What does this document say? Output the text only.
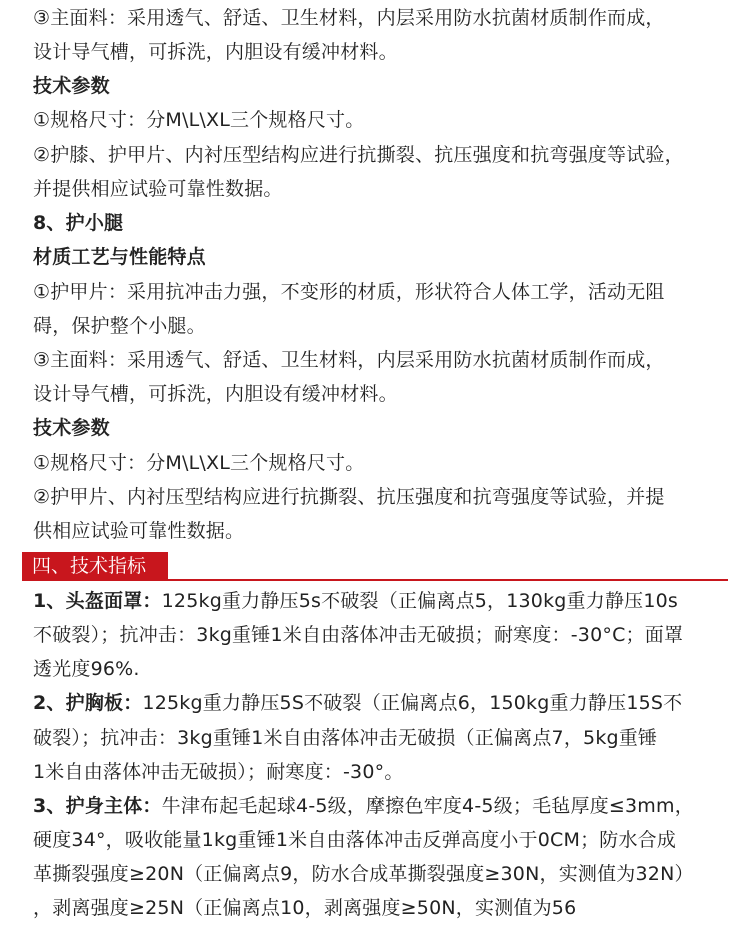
③主面料：采用透气、舒适、卫生材料，内层采用防水抗菌材质制作而成，
设计导气槽，可拆洗，内胆设有缓冲材料。
技术参数
①规格尺寸：分M\L\XL三个规格尺寸。
②护膝、护甲片、内衬压型结构应进行抗撕裂、抗压强度和抗弯强度等试验，
并提供相应试验可靠性数据。
8、护小腿
材质工艺与性能特点
①护甲片：采用抗冲击力强，不变形的材质，形状符合人体工学，活动无阻
碍，保护整个小腿。
③主面料：采用透气、舒适、卫生材料，内层采用防水抗菌材质制作而成，
设计导气槽，可拆洗，内胆设有缓冲材料。
技术参数
①规格尺寸：分M\L\XL三个规格尺寸。
②护甲片、内衬压型结构应进行抗撕裂、抗压强度和抗弯强度等试验，并提
供相应试验可靠性数据。
四、技术指标
1、头盔面罩：125kg重力静压5s不破裂（正偏离点5，130kg重力静压10s
不破裂）；抗冲击：3kg重锤1米自由落体冲击无破损；耐寒度：-30°C；面罩
透光度96%.
2、护胸板：125kg重力静压5S不破裂（正偏离点6，150kg重力静压15S不
破裂）；抗冲击：3kg重锤1米自由落体冲击无破损（正偏离点7，5kg重锤
1米自由落体冲击无破损）；耐寒度：-30°。
3、护身主体：牛津布起毛起球4-5级，摩擦色牢度4-5级；毛毡厚度≤3mm，
硬度34°，吸收能量1kg重锤1米自由落体冲击反弹高度小于0CM；防水合成
革撕裂强度≥20N（正偏离点9，防水合成革撕裂强度≥30N，实测值为32N）
，剥离强度≥25N（正偏离点10，剥离强度≥50N，实测值为56
